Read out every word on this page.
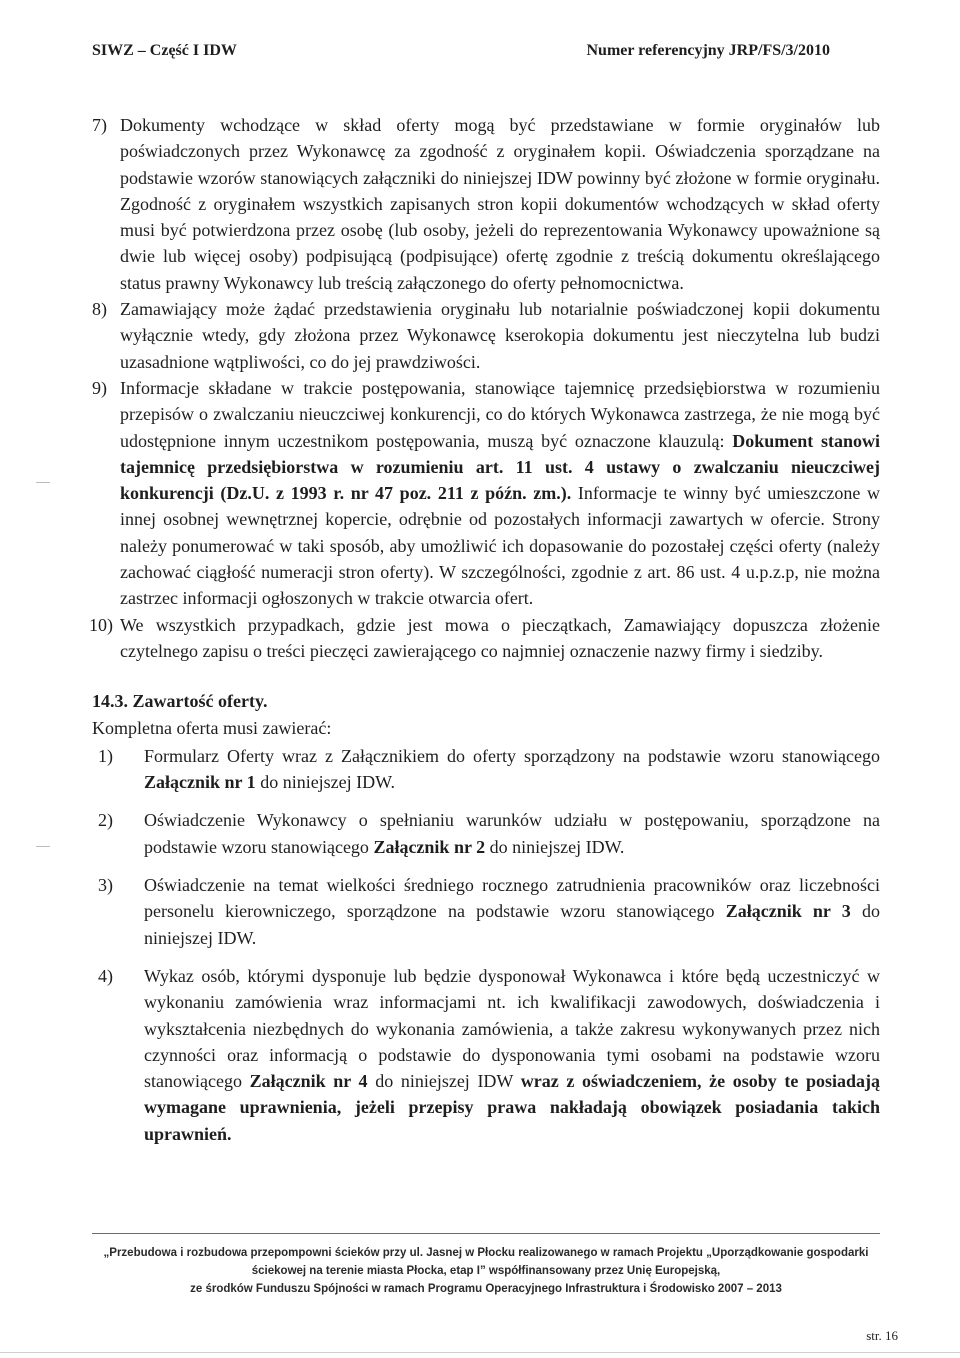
SIWZ – Część I IDW	Numer referencyjny JRP/FS/3/2010
7) Dokumenty wchodzące w skład oferty mogą być przedstawiane w formie oryginałów lub poświadczonych przez Wykonawcę za zgodność z oryginałem kopii. Oświadczenia sporządzane na podstawie wzorów stanowiących załączniki do niniejszej IDW powinny być złożone w formie oryginału. Zgodność z oryginałem wszystkich zapisanych stron kopii dokumentów wchodzących w skład oferty musi być potwierdzona przez osobę (lub osoby, jeżeli do reprezentowania Wykonawcy upoważnione są dwie lub więcej osoby) podpisującą (podpisujące) ofertę zgodnie z treścią dokumentu określającego status prawny Wykonawcy lub treścią załączonego do oferty pełnomocnictwa.
8) Zamawiający może żądać przedstawienia oryginału lub notarialnie poświadczonej kopii dokumentu wyłącznie wtedy, gdy złożona przez Wykonawcę kserokopia dokumentu jest nieczytelna lub budzi uzasadnione wątpliwości, co do jej prawdziwości.
9) Informacje składane w trakcie postępowania, stanowiące tajemnicę przedsiębiorstwa w rozumieniu przepisów o zwalczaniu nieuczciwej konkurencji, co do których Wykonawca zastrzega, że nie mogą być udostępnione innym uczestnikom postępowania, muszą być oznaczone klauzulą: Dokument stanowi tajemnicę przedsiębiorstwa w rozumieniu art. 11 ust. 4 ustawy o zwalczaniu nieuczciwej konkurencji (Dz.U. z 1993 r. nr 47 poz. 211 z późn. zm.). Informacje te winny być umieszczone w innej osobnej wewnętrznej kopercie, odrębnie od pozostałych informacji zawartych w ofercie. Strony należy ponumerować w taki sposób, aby umożliwić ich dopasowanie do pozostałej części oferty (należy zachować ciągłość numeracji stron oferty). W szczególności, zgodnie z art. 86 ust. 4 u.p.z.p, nie można zastrzec informacji ogłoszonych w trakcie otwarcia ofert.
10) We wszystkich przypadkach, gdzie jest mowa o pieczątkach, Zamawiający dopuszcza złożenie czytelnego zapisu o treści pieczęci zawierającego co najmniej oznaczenie nazwy firmy i siedziby.
14.3. Zawartość oferty.
Kompletna oferta musi zawierać:
1) Formularz Oferty wraz z Załącznikiem do oferty sporządzony na podstawie wzoru stanowiącego Załącznik nr 1 do niniejszej IDW.
2) Oświadczenie Wykonawcy o spełnianiu warunków udziału w postępowaniu, sporządzone na podstawie wzoru stanowiącego Załącznik nr 2 do niniejszej IDW.
3) Oświadczenie na temat wielkości średniego rocznego zatrudnienia pracowników oraz liczebności personelu kierowniczego, sporządzone na podstawie wzoru stanowiącego Załącznik nr 3 do niniejszej IDW.
4) Wykaz osób, którymi dysponuje lub będzie dysponował Wykonawca i które będą uczestniczyć w wykonaniu zamówienia wraz informacjami nt. ich kwalifikacji zawodowych, doświadczenia i wykształcenia niezbędnych do wykonania zamówienia, a także zakresu wykonywanych przez nich czynności oraz informacją o podstawie do dysponowania tymi osobami na podstawie wzoru stanowiącego Załącznik nr 4 do niniejszej IDW wraz z oświadczeniem, że osoby te posiadają wymagane uprawnienia, jeżeli przepisy prawa nakładają obowiązek posiadania takich uprawnień.
„Przebudowa i rozbudowa przepompowni ścieków przy ul. Jasnej w Płocku realizowanego w ramach Projektu „Uporządkowanie gospodarki
ściekowej na terenie miasta Płocka, etap I” współfinansowany przez Unię Europejską,
ze środków Funduszu Spójności w ramach Programu Operacyjnego Infrastruktura i Środowisko 2007 – 2013
str. 16
